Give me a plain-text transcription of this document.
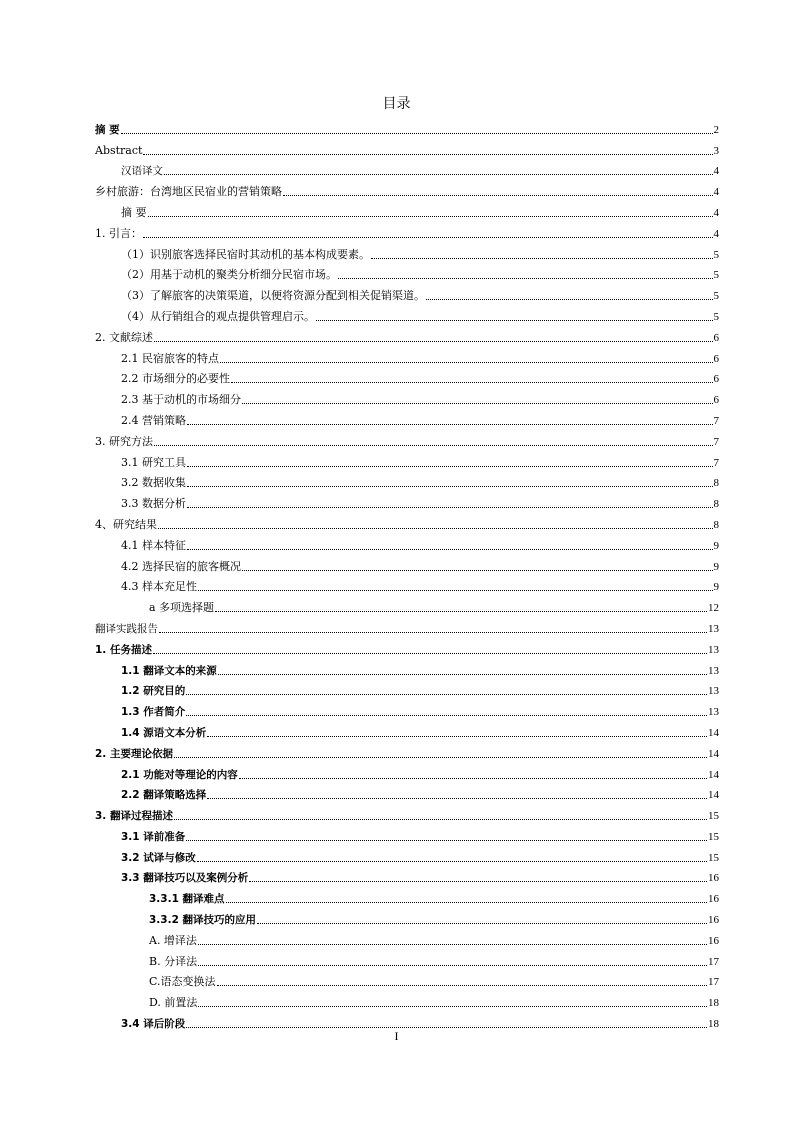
目录
摘 要	2
Abstract	3
汉语译文	4
乡村旅游：台湾地区民宿业的营销策略	4
摘 要	4
1. 引言：	4
（1）识别旅客选择民宿时其动机的基本构成要素。	5
（2）用基于动机的聚类分析细分民宿市场。	5
（3）了解旅客的决策渠道，以便将资源分配到相关促销渠道。	5
（4）从行销组合的观点提供管理启示。	5
2. 文献综述	6
2.1 民宿旅客的特点	6
2.2 市场细分的必要性	6
2.3 基于动机的市场细分	6
2.4 营销策略	7
3. 研究方法	7
3.1 研究工具	7
3.2 数据收集	8
3.3 数据分析	8
4、研究结果	8
4.1 样本特征	9
4.2 选择民宿的旅客概况	9
4.3 样本充足性	9
a 多项选择题	12
翻译实践报告	13
1. 任务描述	13
1.1 翻译文本的来源	13
1.2 研究目的	13
1.3 作者简介	13
1.4 源语文本分析	14
2. 主要理论依据	14
2.1 功能对等理论的内容	14
2.2 翻译策略选择	14
3. 翻译过程描述	15
3.1 译前准备	15
3.2 试译与修改	15
3.3 翻译技巧以及案例分析	16
3.3.1 翻译难点	16
3.3.2 翻译技巧的应用	16
A. 增译法	16
B. 分译法	17
C.语态变换法	17
D. 前置法	18
3.4 译后阶段	18
I
